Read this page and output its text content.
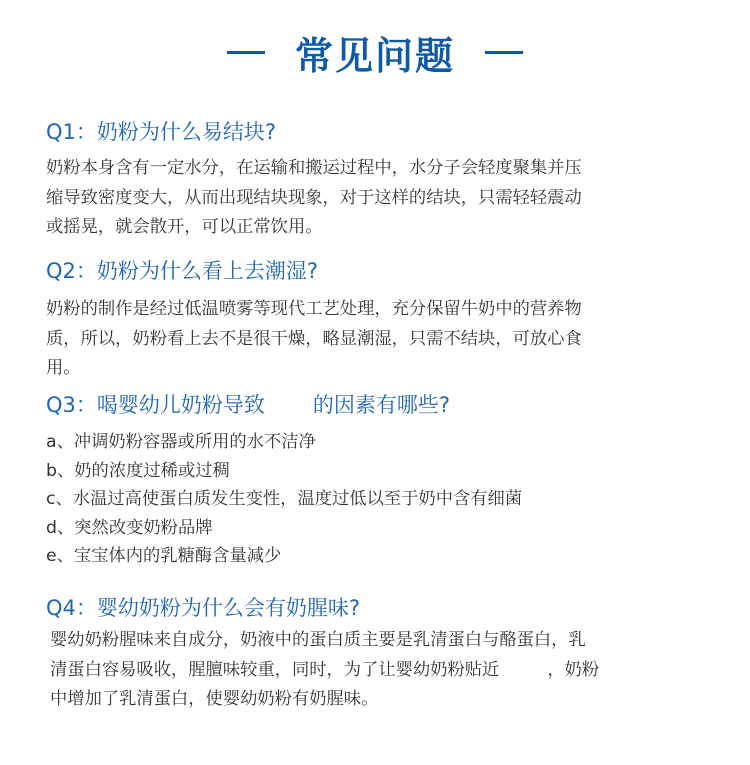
常见问题
Q1：奶粉为什么易结块?
奶粉本身含有一定水分，在运输和搬运过程中，水分子会轻度聚集并压
缩导致密度变大，从而出现结块现象，对于这样的结块，只需轻轻震动
或摇晃，就会散开，可以正常饮用。
Q2：奶粉为什么看上去潮湿?
奶粉的制作是经过低温喷雾等现代工艺处理，充分保留牛奶中的营养物
质，所以，奶粉看上去不是很干燥，略显潮湿，只需不结块，可放心食
用。
Q3：喝婴幼儿奶粉导致 的因素有哪些?
a、冲调奶粉容器或所用的水不洁净
b、奶的浓度过稀或过稠
c、水温过高使蛋白质发生变性，温度过低以至于奶中含有细菌
d、突然改变奶粉品牌
e、宝宝体内的乳糖酶含量减少
Q4：婴幼奶粉为什么会有奶腥味?
婴幼奶粉腥味来自成分，奶液中的蛋白质主要是乳清蛋白与酪蛋白，乳
清蛋白容易吸收，腥膻味较重，同时，为了让婴幼奶粉贴近	，奶粉
中增加了乳清蛋白，使婴幼奶粉有奶腥味。
